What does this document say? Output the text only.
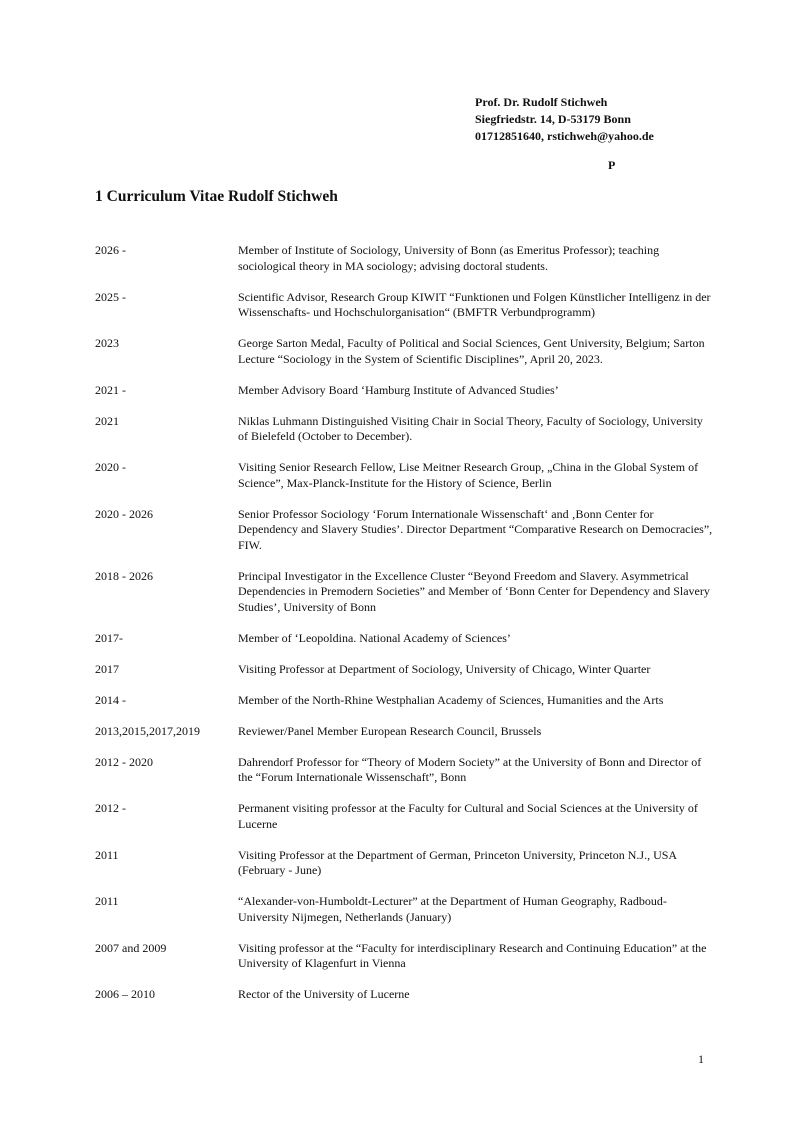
Prof. Dr. Rudolf Stichweh
Siegfriedstr. 14, D-53179 Bonn
01712851640, rstichweh@yahoo.de
P
1 Curriculum Vitae Rudolf Stichweh
2026 -	Member of Institute of Sociology, University of Bonn (as Emeritus Professor); teaching sociological theory in MA sociology; advising doctoral students.
2025 -	Scientific Advisor, Research Group KIWIT “Funktionen und Folgen Künstlicher Intelligenz in der Wissenschafts- und Hochschulorganisation“ (BMFTR Verbundprogramm)
2023	George Sarton Medal, Faculty of Political and Social Sciences, Gent University, Belgium; Sarton Lecture “Sociology in the System of Scientific Disciplines”, April 20, 2023.
2021 -	Member Advisory Board ‘Hamburg Institute of Advanced Studies’
2021	Niklas Luhmann Distinguished Visiting Chair in Social Theory, Faculty of Sociology, University of Bielefeld (October to December).
2020 -	Visiting Senior Research Fellow, Lise Meitner Research Group, „China in the Global System of Science”, Max-Planck-Institute for the History of Science, Berlin
2020 - 2026	Senior Professor Sociology ‘Forum Internationale Wissenschaft‘ and ‚Bonn Center for Dependency and Slavery Studies’. Director Department “Comparative Research on Democracies”, FIW.
2018 - 2026	Principal Investigator in the Excellence Cluster “Beyond Freedom and Slavery. Asymmetrical Dependencies in Premodern Societies” and Member of ‘Bonn Center for Dependency and Slavery Studies’, University of Bonn
2017-	Member of ‘Leopoldina. National Academy of Sciences’
2017	Visiting Professor at Department of Sociology, University of Chicago, Winter Quarter
2014 -	Member of the North-Rhine Westphalian Academy of Sciences, Humanities and the Arts
2013,2015,2017,2019	Reviewer/Panel Member European Research Council, Brussels
2012 - 2020	Dahrendorf Professor for “Theory of Modern Society” at the University of Bonn and Director of the “Forum Internationale Wissenschaft”, Bonn
2012 -	Permanent visiting professor at the Faculty for Cultural and Social Sciences at the University of Lucerne
2011	Visiting Professor at the Department of German, Princeton University, Princeton N.J., USA (February - June)
2011	“Alexander-von-Humboldt-Lecturer” at the Department of Human Geography, Radboud-University Nijmegen, Netherlands (January)
2007 and 2009	Visiting professor at the “Faculty for interdisciplinary Research and Continuing Education” at the University of Klagenfurt in Vienna
2006 – 2010	Rector of the University of Lucerne
1
